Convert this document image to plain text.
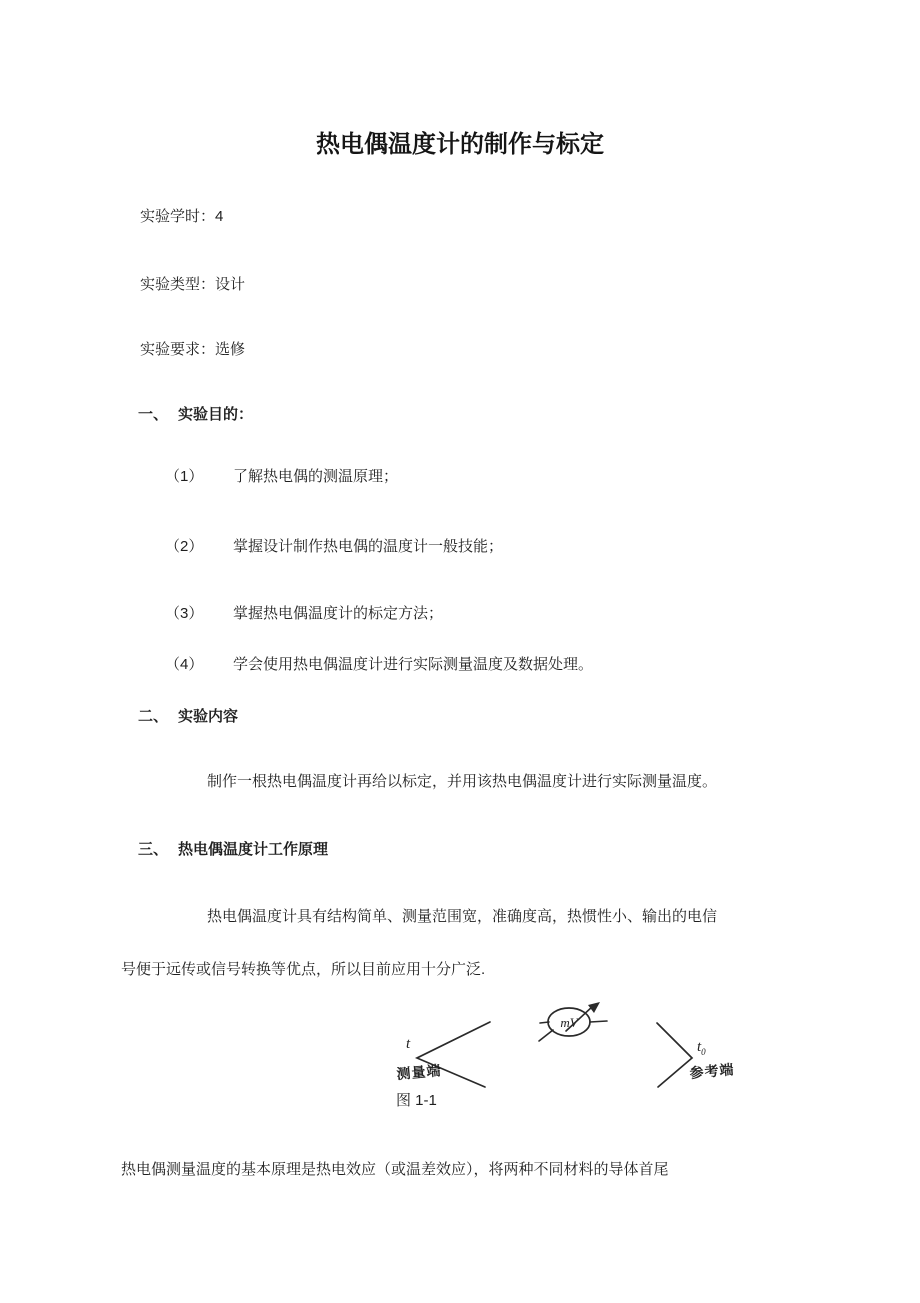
热电偶温度计的制作与标定
实验学时：4
实验类型：设计
实验要求：选修
一、 实验目的：
（1） 了解热电偶的测温原理；
（2） 掌握设计制作热电偶的温度计一般技能；
（3） 掌握热电偶温度计的标定方法；
（4） 学会使用热电偶温度计进行实际测量温度及数据处理。
二、 实验内容
制作一根热电偶温度计再给以标定，并用该热电偶温度计进行实际测量温度。
三、 热电偶温度计工作原理
热电偶温度计具有结构简单、测量范围宽，准确度高，热惯性小、输出的电信
号便于远传或信号转换等优点，所以目前应用十分广泛.
t
测量端
mV
$t_0$
参考端
图 1-1
热电偶测量温度的基本原理是热电效应（或温差效应），将两种不同材料的导体首尾
